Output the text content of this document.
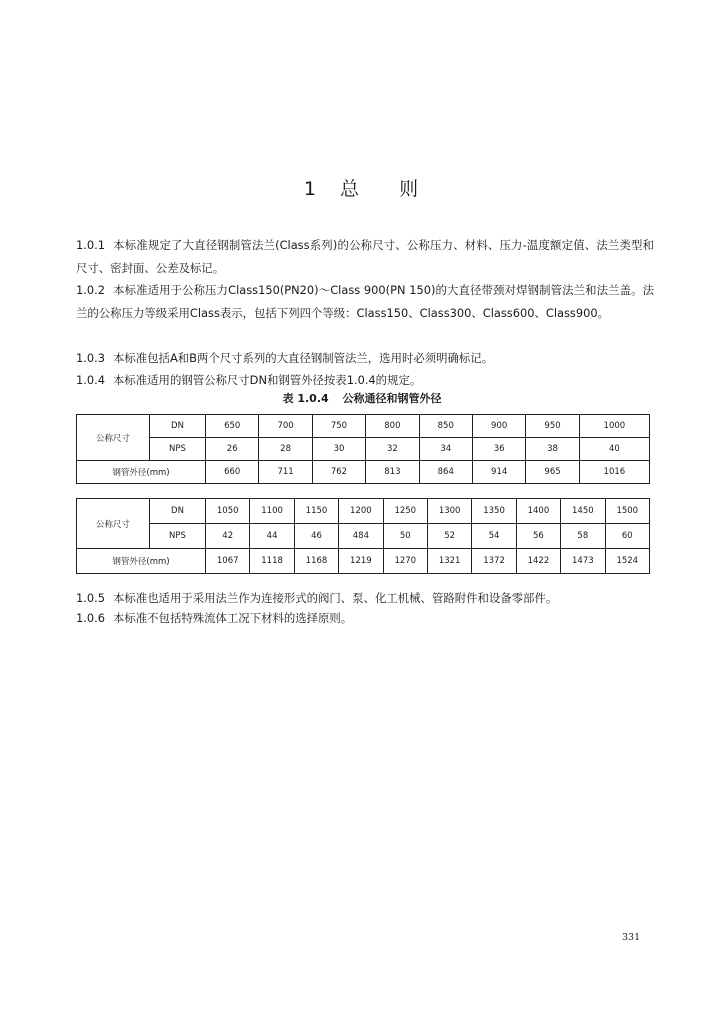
1 总 则
1.0.1 本标准规定了大直径钢制管法兰(Class系列)的公称尺寸、公称压力、材料、压力-温度额定值、法兰类型和尺寸、密封面、公差及标记。
1.0.2 本标准适用于公称压力Class150(PN20)～Class 900(PN 150)的大直径带颈对焊钢制管法兰和法兰盖。法兰的公称压力等级采用Class表示，包括下列四个等级：Class150、Class300、Class600、Class900。
1.0.3 本标准包括A和B两个尺寸系列的大直径钢制管法兰，选用时必须明确标记。
1.0.4 本标准适用的钢管公称尺寸DN和钢管外径按表1.0.4的规定。
表 1.0.4 公称通径和钢管外径
公称尺寸	DN	650	700	750	800	850	900	950	1000
	NPS	26	28	30	32	34	36	38	40
钢管外径(mm)		660	711	762	813	864	914	965	1016
公称尺寸	DN	1050	1100	1150	1200	1250	1300	1350	1400	1450	1500
	NPS	42	44	46	484	50	52	54	56	58	60
钢管外径(mm)		1067	1118	1168	1219	1270	1321	1372	1422	1473	1524
1.0.5 本标准也适用于采用法兰作为连接形式的阀门、泵、化工机械、管路附件和设备零部件。
1.0.6 本标准不包括特殊流体工况下材料的选择原则。
331
